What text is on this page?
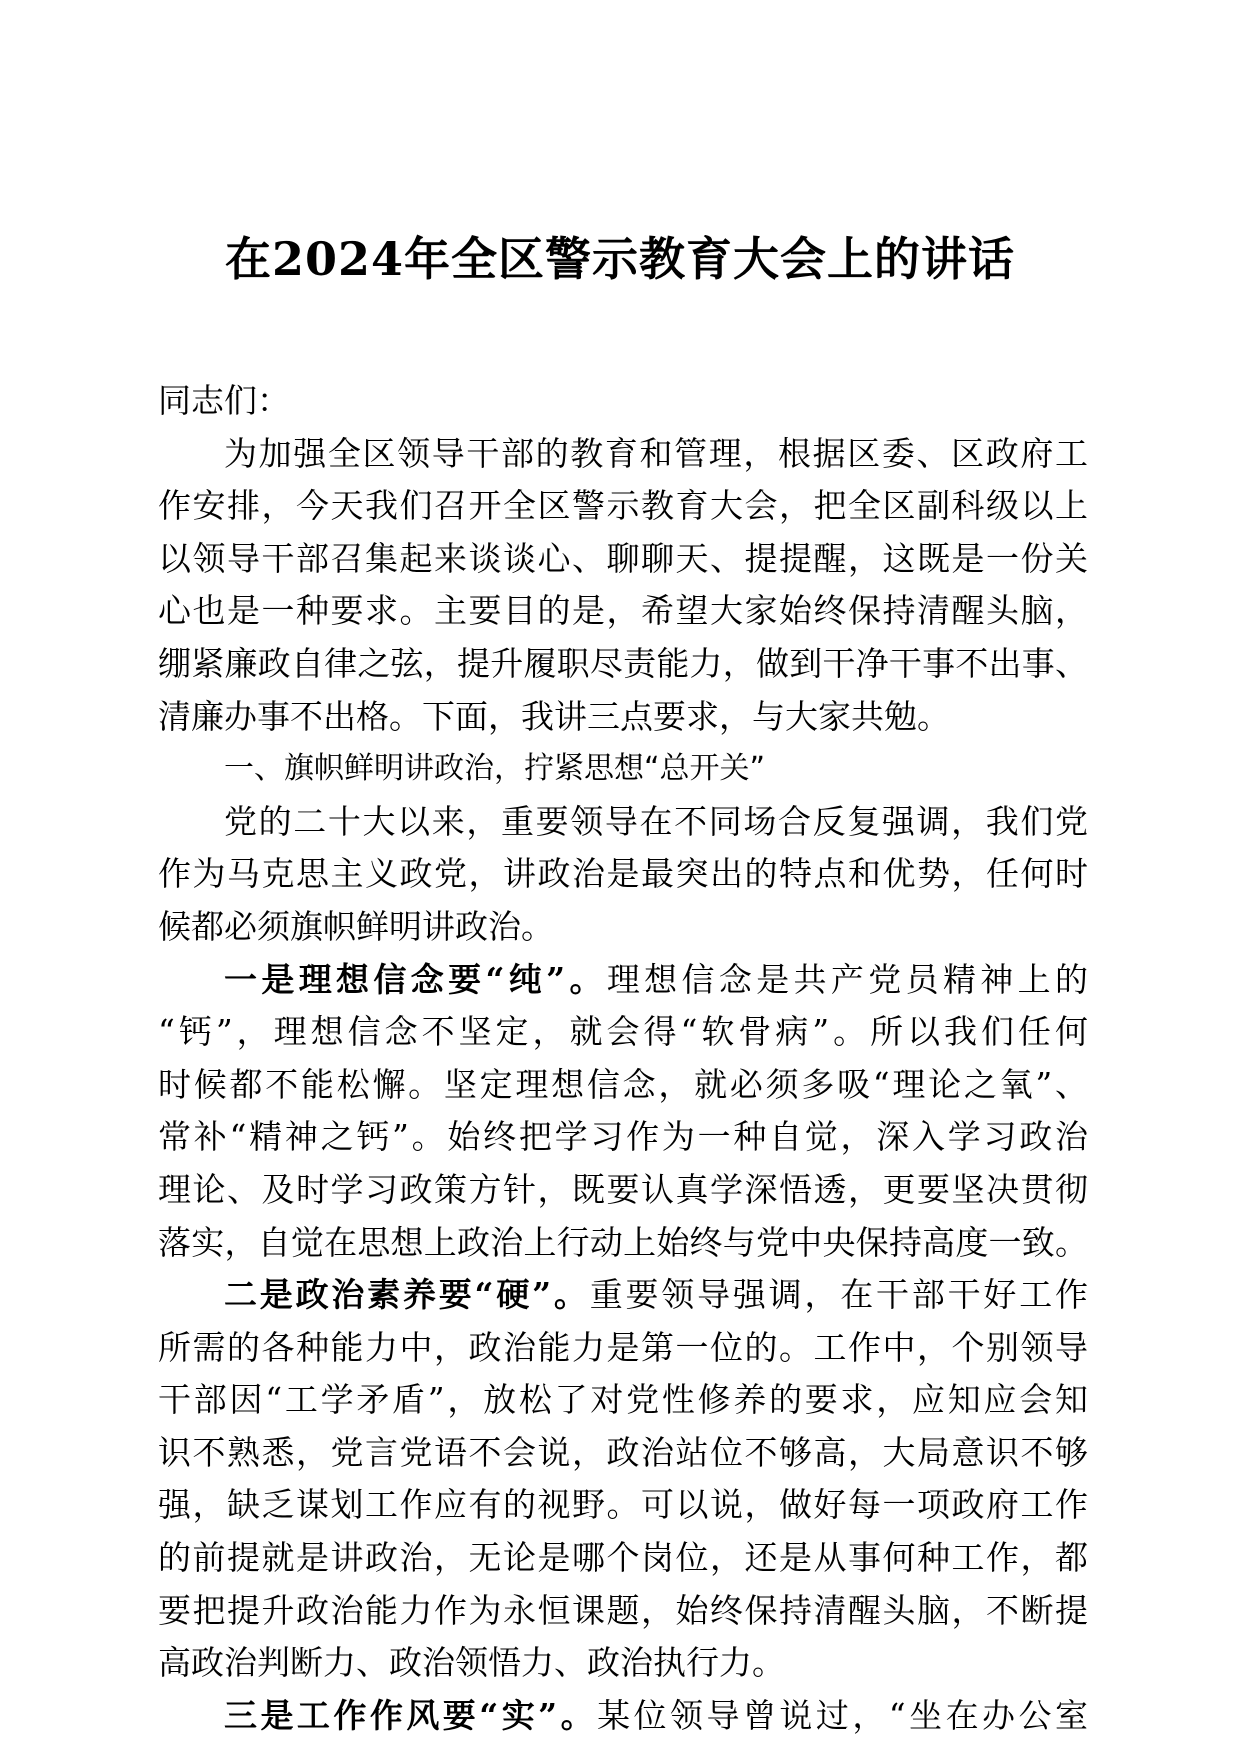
在2024年全区警示教育大会上的讲话
同志们：
为加强全区领导干部的教育和管理，根据区委、区政府工
作安排，今天我们召开全区警示教育大会，把全区副科级以上
以领导干部召集起来谈谈心、聊聊天、提提醒，这既是一份关
心也是一种要求。主要目的是，希望大家始终保持清醒头脑，
绷紧廉政自律之弦，提升履职尽责能力，做到干净干事不出事、
清廉办事不出格。下面，我讲三点要求，与大家共勉。
一、旗帜鲜明讲政治，拧紧思想“总开关”
党的二十大以来，重要领导在不同场合反复强调，我们党
作为马克思主义政党，讲政治是最突出的特点和优势，任何时
候都必须旗帜鲜明讲政治。
一是理想信念要“纯”。理想信念是共产党员精神上的
“钙”，理想信念不坚定，就会得“软骨病”。所以我们任何
时候都不能松懈。坚定理想信念，就必须多吸“理论之氧”、
常补“精神之钙”。始终把学习作为一种自觉，深入学习政治
理论、及时学习政策方针，既要认真学深悟透，更要坚决贯彻
落实，自觉在思想上政治上行动上始终与党中央保持高度一致。
二是政治素养要“硬”。重要领导强调，在干部干好工作
所需的各种能力中，政治能力是第一位的。工作中，个别领导
干部因“工学矛盾”，放松了对党性修养的要求，应知应会知
识不熟悉，党言党语不会说，政治站位不够高，大局意识不够
强，缺乏谋划工作应有的视野。可以说，做好每一项政府工作
的前提就是讲政治，无论是哪个岗位，还是从事何种工作，都
要把提升政治能力作为永恒课题，始终保持清醒头脑，不断提
高政治判断力、政治领悟力、政治执行力。
三是工作作风要“实”。某位领导曾说过，“坐在办公室
